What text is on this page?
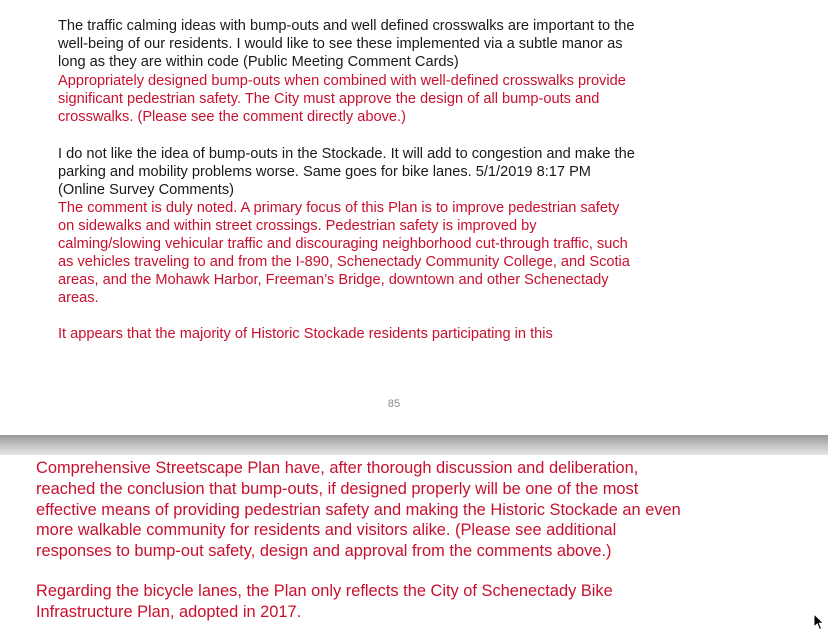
The traffic calming ideas with bump-outs and well defined crosswalks are important to the
well-being of our residents. I would like to see these implemented via a subtle manor as
long as they are within code (Public Meeting Comment Cards)

Appropriately designed bump-outs when combined with well-defined crosswalks provide
significant pedestrian safety. The City must approve the design of all bump-outs and
crosswalks. (Please see the comment directly above.)

I do not like the idea of bump-outs in the Stockade. It will add to congestion and make the
parking and mobility problems worse. Same goes for bike lanes. 5/1/2019 8:17 PM
(Online Survey Comments)

The comment is duly noted. A primary focus of this Plan is to improve pedestrian safety
on sidewalks and within street crossings. Pedestrian safety is improved by
calming/slowing vehicular traffic and discouraging neighborhood cut-through traffic, such
as vehicles traveling to and from the I-890, Schenectady Community College, and Scotia
areas, and the Mohawk Harbor, Freeman’s Bridge, downtown and other Schenectady
areas.

It appears that the majority of Historic Stockade residents participating in this

85

Comprehensive Streetscape Plan have, after thorough discussion and deliberation,
reached the conclusion that bump-outs, if designed properly will be one of the most
effective means of providing pedestrian safety and making the Historic Stockade an even
more walkable community for residents and visitors alike. (Please see additional
responses to bump-out safety, design and approval from the comments above.)

Regarding the bicycle lanes, the Plan only reflects the City of Schenectady Bike
Infrastructure Plan, adopted in 2017.
